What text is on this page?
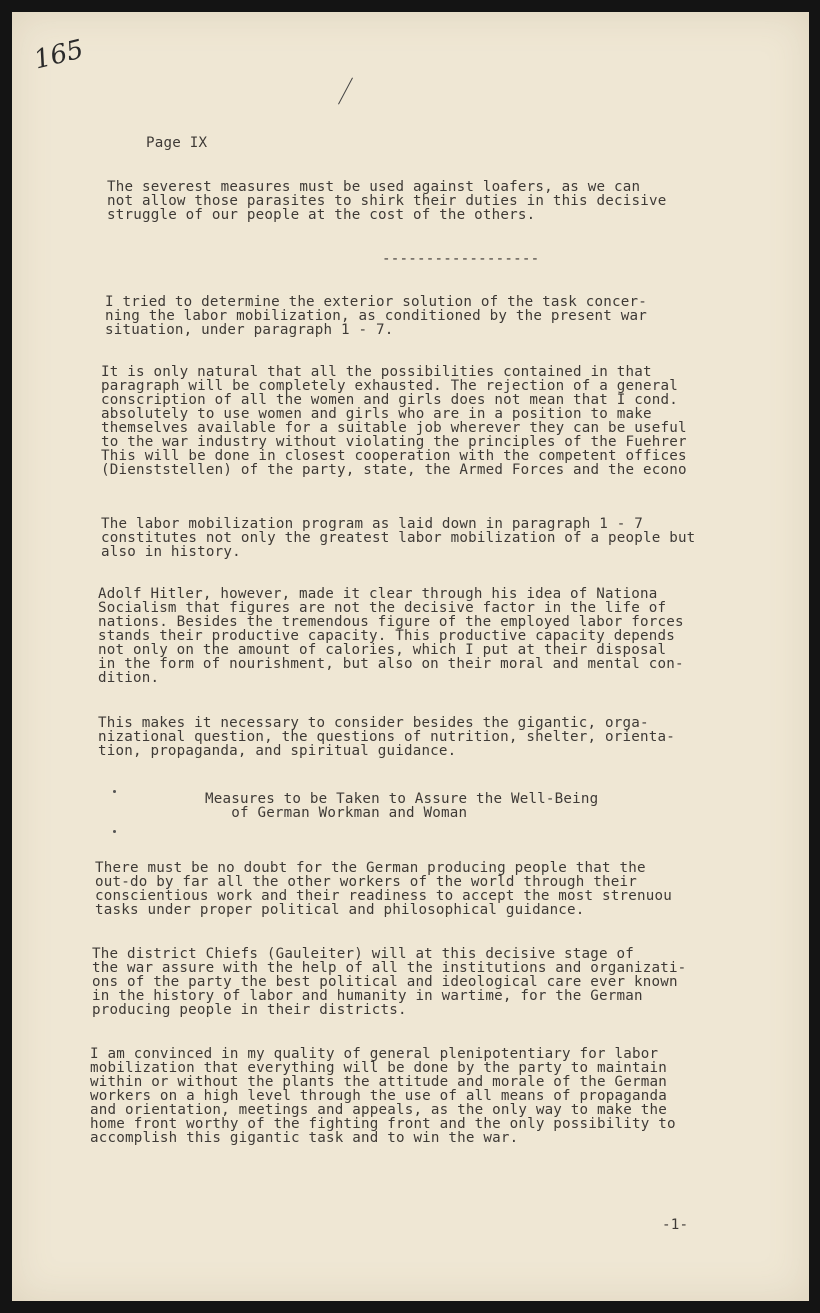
165
Page IX
The severest measures must be used against loafers, as we can
not allow those parasites to shirk their duties in this decisive
struggle of our people at the cost of the others.
------------------
I tried to determine the exterior solution of the task concer-
ning the labor mobilization, as conditioned by the present war
situation, under paragraph 1 - 7.
It is only natural that all the possibilities contained in that
paragraph will be completely exhausted. The rejection of a general
conscription of all the women and girls does not mean that I cond.
absolutely to use women and girls who are in a position to make
themselves available for a suitable job wherever they can be useful
to the war industry without violating the principles of the Fuehrer
This will be done in closest cooperation with the competent offices
(Dienststellen) of the party, state, the Armed Forces and the econo
The labor mobilization program as laid down in paragraph 1 - 7
constitutes not only the greatest labor mobilization of a people but
also in history.
Adolf Hitler, however, made it clear through his idea of Nationa
Socialism that figures are not the decisive factor in the life of
nations. Besides the tremendous figure of the employed labor forces
stands their productive capacity. This productive capacity depends
not only on the amount of calories, which I put at their disposal
in the form of nourishment, but also on their moral and mental con-
dition.
This makes it necessary to consider besides the gigantic, orga-
nizational question, the questions of nutrition, shelter, orienta-
tion, propaganda, and spiritual guidance.
Measures to be Taken to Assure the Well-Being
of German Workman and Woman
There must be no doubt for the German producing people that the
out-do by far all the other workers of the world through their
conscientious work and their readiness to accept the most strenuou
tasks under proper political and philosophical guidance.
The district Chiefs (Gauleiter) will at this decisive stage of
the war assure with the help of all the institutions and organizati-
ons of the party the best political and ideological care ever known
in the history of labor and humanity in wartime, for the German
producing people in their districts.
I am convinced in my quality of general plenipotentiary for labor
mobilization that everything will be done by the party to maintain
within or without the plants the attitude and morale of the German
workers on a high level through the use of all means of propaganda
and orientation, meetings and appeals, as the only way to make the
home front worthy of the fighting front and the only possibility to
accomplish this gigantic task and to win the war.
-1-
